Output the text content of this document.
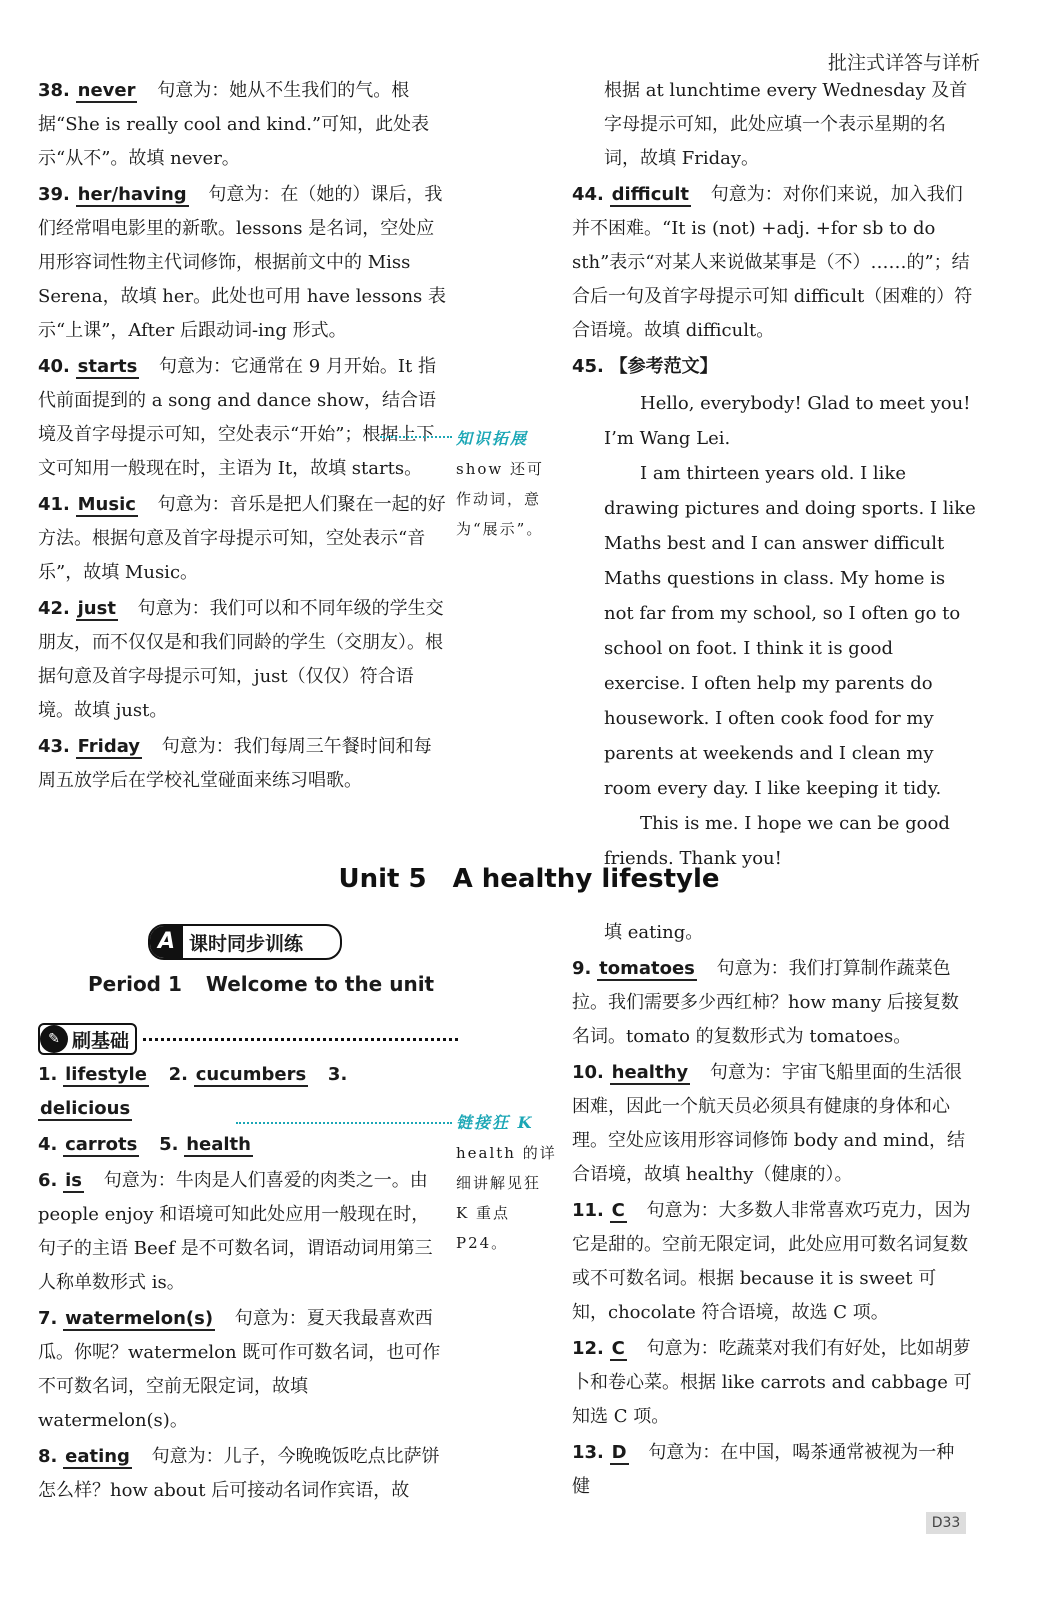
批注式详答与详析
38. never 句意为：她从不生我们的气。根据“She is really cool and kind.”可知，此处表示“从不”。故填 never。
39. her/having 句意为：在（她的）课后，我们经常唱电影里的新歌。lessons 是名词，空处应用形容词性物主代词修饰，根据前文中的 Miss Serena，故填 her。此处也可用 have lessons 表示“上课”，After 后跟动词-ing 形式。
40. starts 句意为：它通常在 9 月开始。It 指代前面提到的 a song and dance show，结合语境及首字母提示可知，空处表示“开始”；根据上下文可知用一般现在时，主语为 It，故填 starts。
41. Music 句意为：音乐是把人们聚在一起的好方法。根据句意及首字母提示可知，空处表示“音乐”，故填 Music。
42. just 句意为：我们可以和不同年级的学生交朋友，而不仅仅是和我们同龄的学生（交朋友）。根据句意及首字母提示可知，just（仅仅）符合语境。故填 just。
43. Friday 句意为：我们每周三午餐时间和每周五放学后在学校礼堂碰面来练习唱歌。
知识拓展
show 还可作动词，意为“展示”。
根据 at lunchtime every Wednesday 及首字母提示可知，此处应填一个表示星期的名词，故填 Friday。
44. difficult 句意为：对你们来说，加入我们并不困难。“It is (not) +adj. +for sb to do sth”表示“对某人来说做某事是（不）……的”；结合后一句及首字母提示可知 difficult（困难的）符合语境。故填 difficult。
45. 【参考范文】
Hello, everybody! Glad to meet you! I’m Wang Lei.
I am thirteen years old. I like drawing pictures and doing sports. I like Maths best and I can answer difficult Maths questions in class. My home is not far from my school, so I often go to school on foot. I think it is good exercise. I often help my parents do housework. I often cook food for my parents at weekends and I clean my room every day. I like keeping it tidy.
This is me. I hope we can be good friends. Thank you!
Unit 5　A healthy lifestyle
A 课时同步训练
Period 1 Welcome to the unit
✎ 刷基础
1. lifestyle 2. cucumbers 3. delicious
4. carrots 5. health
6. is 句意为：牛肉是人们喜爱的肉类之一。由 people enjoy 和语境可知此处应用一般现在时，句子的主语 Beef 是不可数名词，谓语动词用第三人称单数形式 is。
7. watermelon(s) 句意为：夏天我最喜欢西瓜。你呢？watermelon 既可作可数名词，也可作不可数名词，空前无限定词，故填 watermelon(s)。
8. eating 句意为：儿子，今晚晚饭吃点比萨饼怎么样？how about 后可接动名词作宾语，故
链接狂 K
health 的详细讲解见狂 K 重点 P24。
填 eating。
9. tomatoes 句意为：我们打算制作蔬菜色拉。我们需要多少西红柿？how many 后接复数名词。tomato 的复数形式为 tomatoes。
10. healthy 句意为：宇宙飞船里面的生活很困难，因此一个航天员必须具有健康的身体和心理。空处应该用形容词修饰 body and mind，结合语境，故填 healthy（健康的）。
11. C 句意为：大多数人非常喜欢巧克力，因为它是甜的。空前无限定词，此处应用可数名词复数或不可数名词。根据 because it is sweet 可知，chocolate 符合语境，故选 C 项。
12. C 句意为：吃蔬菜对我们有好处，比如胡萝卜和卷心菜。根据 like carrots and cabbage 可知选 C 项。
13. D 句意为：在中国，喝茶通常被视为一种健
D33
